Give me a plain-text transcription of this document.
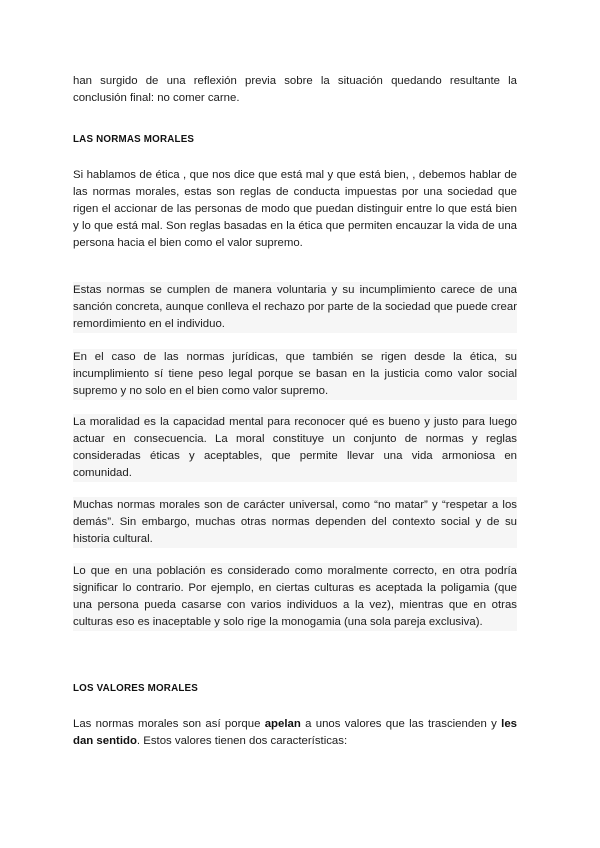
han surgido de una reflexión previa sobre la situación quedando resultante la conclusión final: no comer carne.

LAS NORMAS MORALES

Si hablamos de ética , que nos dice que está mal y que está bien, , debemos hablar de las normas morales, estas son reglas de conducta impuestas por una sociedad que rigen el accionar de las personas de modo que puedan distinguir entre lo que está bien y lo que está mal. Son reglas basadas en la ética que permiten encauzar la vida de una persona hacia el bien como el valor supremo.

Estas normas se cumplen de manera voluntaria y su incumplimiento carece de una sanción concreta, aunque conlleva el rechazo por parte de la sociedad que puede crear remordimiento en el individuo.

En el caso de las normas jurídicas, que también se rigen desde la ética, su incumplimiento sí tiene peso legal porque se basan en la justicia como valor social supremo y no solo en el bien como valor supremo.

La moralidad es la capacidad mental para reconocer qué es bueno y justo para luego actuar en consecuencia. La moral constituye un conjunto de normas y reglas consideradas éticas y aceptables, que permite llevar una vida armoniosa en comunidad.

Muchas normas morales son de carácter universal, como “no matar” y “respetar a los demás”. Sin embargo, muchas otras normas dependen del contexto social y de su historia cultural.

Lo que en una población es considerado como moralmente correcto, en otra podría significar lo contrario. Por ejemplo, en ciertas culturas es aceptada la poligamia (que una persona pueda casarse con varios individuos a la vez), mientras que en otras culturas eso es inaceptable y solo rige la monogamia (una sola pareja exclusiva).

LOS VALORES MORALES

Las normas morales son así porque apelan a unos valores que las trascienden y les dan sentido. Estos valores tienen dos características:
